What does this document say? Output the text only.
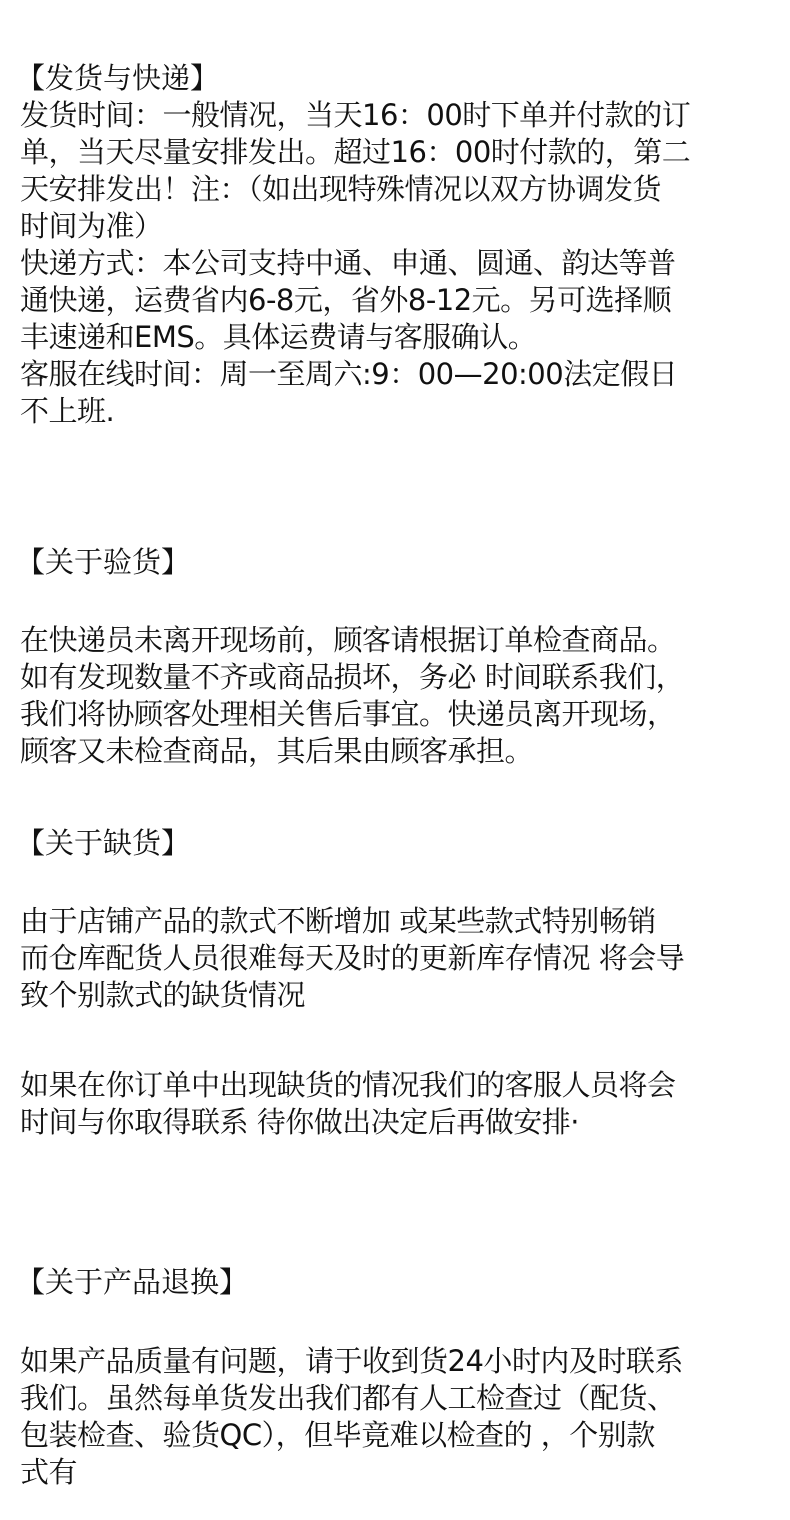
【发货与快递】
发货时间：一般情况，当天16：00时下单并付款的订
单，当天尽量安排发出。超过16：00时付款的，第二
天安排发出！注：（如出现特殊情况以双方协调发货
时间为准）
快递方式：本公司支持中通、申通、圆通、韵达等普
通快递，运费省内6-8元，省外8-12元。另可选择顺
丰速递和EMS。具体运费请与客服确认。
客服在线时间：周一至周六:9：00—20:00法定假日
不上班.
【关于验货】
在快递员未离开现场前，顾客请根据订单检查商品。
如有发现数量不齐或商品损坏，务必 时间联系我们，
我们将协顾客处理相关售后事宜。快递员离开现场，
顾客又未检查商品，其后果由顾客承担。
【关于缺货】
由于店铺产品的款式不断增加 或某些款式特别畅销
而仓库配货人员很难每天及时的更新库存情况 将会导
致个别款式的缺货情况
如果在你订单中出现缺货的情况我们的客服人员将会
时间与你取得联系 待你做出决定后再做安排·
【关于产品退换】
如果产品质量有问题，请于收到货24小时内及时联系
我们。虽然每单货发出我们都有人工检查过（配货、
包装检查、验货QC），但毕竟难以检查的 ，个别款
式有
